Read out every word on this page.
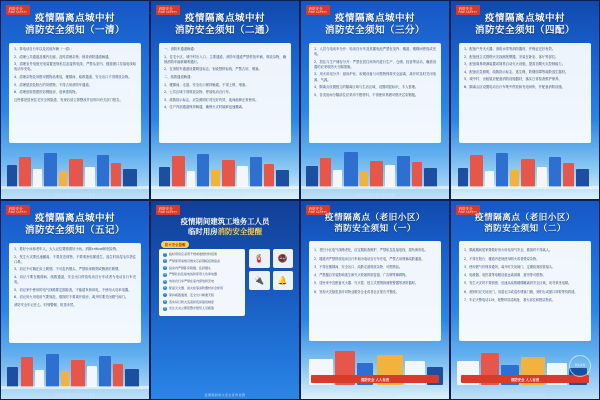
消防安全
FIRE SAFETY
疫情隔离点城中村
消防安全须知（一清）

1、持电动自行车以及其他车辆（一清）：

2、清理公共通道及楼内走廊，及时清理杂物，保持消防通道畅通。

3、清理室外电瓶充电装置违规私拉乱接的电线，严禁从室内、楼道窗口拉接电线给电动车充电。

4、清理杂物及易燃可燃物品堆放，楼梯间、疏散通道、安全出口不得堆放杂物。

5、清理屋顶及阳台的易燃物，不得占用消防车通道。

6、清理违规搭建的彩钢板房、违章建筑物。

这些都是居民住宅安全的隐患，发现后请立即整改并及时向有关部门报告。

疫情期间防火安全宣传挂图
消防安全
FIRE SAFETY
疫情隔离点城中村
消防安全须知（二通）

一、消防车通道畅通：

1、住宅小区、城中村出入口、主要通道、消防车通道严禁停放车辆、堆放杂物，确保消防车能够顺利通行。

2、在消防车通道设置明显标志，划设禁停标线，严禁占用、堵塞。

二、疏散通道畅通：

1、楼梯间、走道、安全出口保持畅通，不得上锁、堵塞。

2、公共区域不得堆放杂物、停放电动自行车。

3、疏散指示标志、应急照明灯具完好有效，夜间能够正常使用。

4、住户内部通道保持畅通，确保火灾时能够迅速撤离。

疫情期间防火安全宣传挂图
消防安全
FIRE SAFETY
疫情隔离点城中村
消防安全须知（三分）

1、人员与电动车分开：电动自行车及其蓄电池严禁在室内、楼道、楼梯间停放或充电。

2、居住与生产储存分开：严禁在居住场所内进行生产、仓储、经营等活动，确需设置的应采取防火分隔措施。

3、用火用电分开：厨房炉灶、取暖设备与可燃物保持安全距离，离开时及时关闭电源、气源。

4、隔离点设置独立的隔离区域与生活区域，设置明显标识，专人管理。

5、各类房间分隔部位应采用不燃材料，不得使用易燃可燃夹芯彩钢板。

疫情期间防火安全宣传挂图
消防安全
FIRE SAFETY
疫情隔离点城中村
消防安全须知（四配）

1、配备户外灭火器、消防水带等消防器材，并保证完好有效。

2、配备独立式感烟火灾探测报警器，安装在卧室、客厅等部位。

3、配备简易喷淋装置或简易自动灭火设施，提高初期火灾控制能力。

4、配备应急照明、疏散指示标志、逃生绳、防烟面罩等疏散逃生器材。

5、城中村、出租屋应配备消防设施器材，落实日常检查维护保养。

6、隔离点应设置电动自行车集中停放和充电场所，并配备消防设施。

疫情期间防火安全宣传挂图
消防安全
FIRE SAFETY
疫情隔离点城中村
消防安全须知（五记）

1、看好小孩和老年人，大人记住要照看好小孩，消除critical和危险物。

2、发生火灾要迅速撤离，不要贪恋财物，不要乘坐电梯逃生，逃生时用湿毛巾捂住口鼻。

3、切记不可躺在床上吸烟，不可乱扔烟头，严禁卧床吸烟或醉酒后吸烟。

4、切记不要在楼梯间、疏散通道、安全出口停放电动自行车或者为电动自行车充电。

5、切记家中使用的电气线路要定期检查，不能超负荷用电，不使用大功率电器。

6、切记用火用电用气要规范，做饭时不要离开厨房，离开时要关闭燃气阀门。

消防安全牢记在心，时刻警惕，防患未然。

疫情期间防火安全宣传挂图
消防安全
FIRE SAFETY
疫情期间建筑工地务工人员
临时用房消防安全提醒
防火安全提醒
1	临时用房应采用不燃或难燃材料搭建
2	严禁使用易燃可燃夹芯彩钢板搭建宿舍
3	宿舍内严禁卧床吸烟、乱扔烟头
4	严禁私拉乱接电线和使用大功率电器
5	电动自行车严禁在室内停放和充电
6	配备灭火器、消火栓等消防器材并会使用
7	保持疏散通道、安全出口畅通无阻
8	落实每日防火巡查和夜间值班制度
9	发生火灾立即报警并组织人员疏散
🧯	🚭
🔌	🔔
疫情期间防火安全宣传挂图
消防安全
FIRE SAFETY
疫情隔离点（老旧小区）
消防安全须知（一）

1、老旧小区电气线路老化，应定期检查维护，严禁私拉乱接电线、超负荷用电。

2、楼道内严禁停放电动自行车和为电动自行车充电，严禁占用堵塞疏散通道。

3、不得在楼梯间、安全出口、疏散走道堆放杂物、可燃物品。

4、严禁擅自安装影响逃生和灭火救援的防盗窗、广告牌等障碍物。

5、居民家中宜配备灭火器、灭火毯、独立式感烟探测报警器等消防器材。

6、发现火灾隐患及时向物业服务企业或者社区报告并整改。

消防安全 人人有责
疫情期间防火安全宣传挂图
消防安全
FIRE SAFETY
疫情隔离点（老旧小区）
消防安全须知（二）

1、隔离期间居家要做好用火用电用气安全，做饭时不得离人。

2、不得在阳台、楼道内违规使用明火或者焚烧杂物。

3、使用燃气时保持通风，离开时关闭阀门，定期检查胶管接头。

4、电暖器、电热毯等取暖设备远离被褥、窗帘等可燃物。

5、发生火灾时不要惊慌，迅速从疏散楼梯撤离到安全区域，切勿乘坐电梯。

6、被困时应关闭房门，用湿毛巾或湿布堵塞门缝，到阳台或窗口呼救等待救援。

7、牢记火警电话119，报警时讲清地址、着火部位和燃烧物质。

消防安全 人人有责
防火宣传
疫情期间防火安全宣传挂图
